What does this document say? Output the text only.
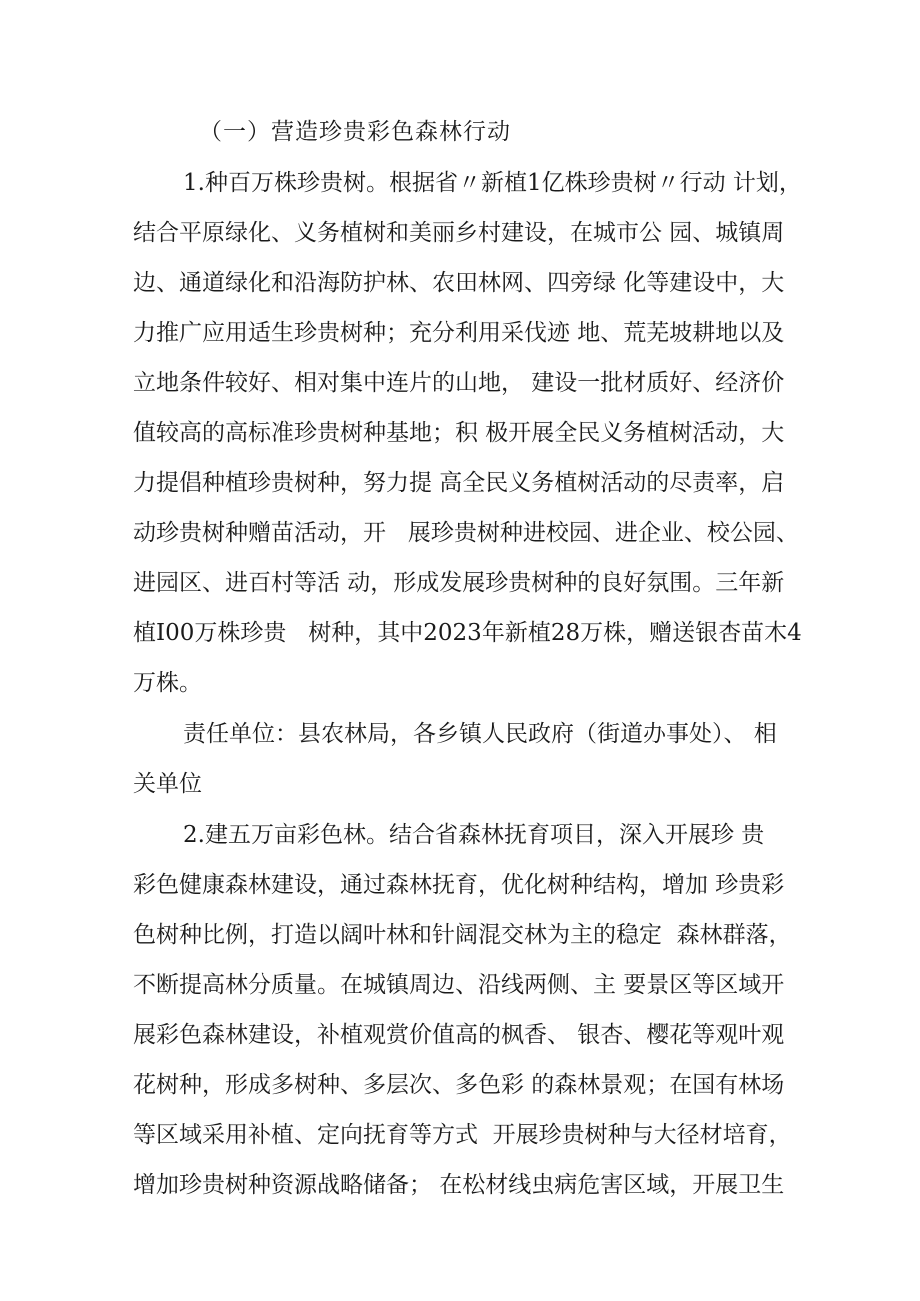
（一）营造珍贵彩色森林行动
1.种百万株珍贵树。根据省〃新植1亿株珍贵树〃行动 计划，
结合平原绿化、义务植树和美丽乡村建设，在城市公 园、城镇周
边、通道绿化和沿海防护林、农田林网、四旁绿 化等建设中，大
力推广应用适生珍贵树种；充分利用采伐迹 地、荒芜坡耕地以及
立地条件较好、相对集中连片的山地， 建设一批材质好、经济价
值较高的高标准珍贵树种基地；积 极开展全民义务植树活动，大
力提倡种植珍贵树种，努力提 高全民义务植树活动的尽责率，启
动珍贵树种赠苗活动，开   展珍贵树种进校园、进企业、校公园、
进园区、进百村等活 动，形成发展珍贵树种的良好氛围。三年新
植I00万株珍贵   树种，其中2023年新植28万株，赠送银杏苗木4
万株。
责任单位：县农林局，各乡镇人民政府（街道办事处）、 相
关单位
2.建五万亩彩色林。结合省森林抚育项目，深入开展珍 贵
彩色健康森林建设，通过森林抚育，优化树种结构，增加 珍贵彩
色树种比例，打造以阔叶林和针阔混交林为主的稳定  森林群落，
不断提高林分质量。在城镇周边、沿线两侧、主 要景区等区域开
展彩色森林建设，补植观赏价值高的枫香、 银杏、樱花等观叶观
花树种，形成多树种、多层次、多色彩 的森林景观；在国有林场
等区域采用补植、定向抚育等方式  开展珍贵树种与大径材培育，
增加珍贵树种资源战略储备； 在松材线虫病危害区域，开展卫生
